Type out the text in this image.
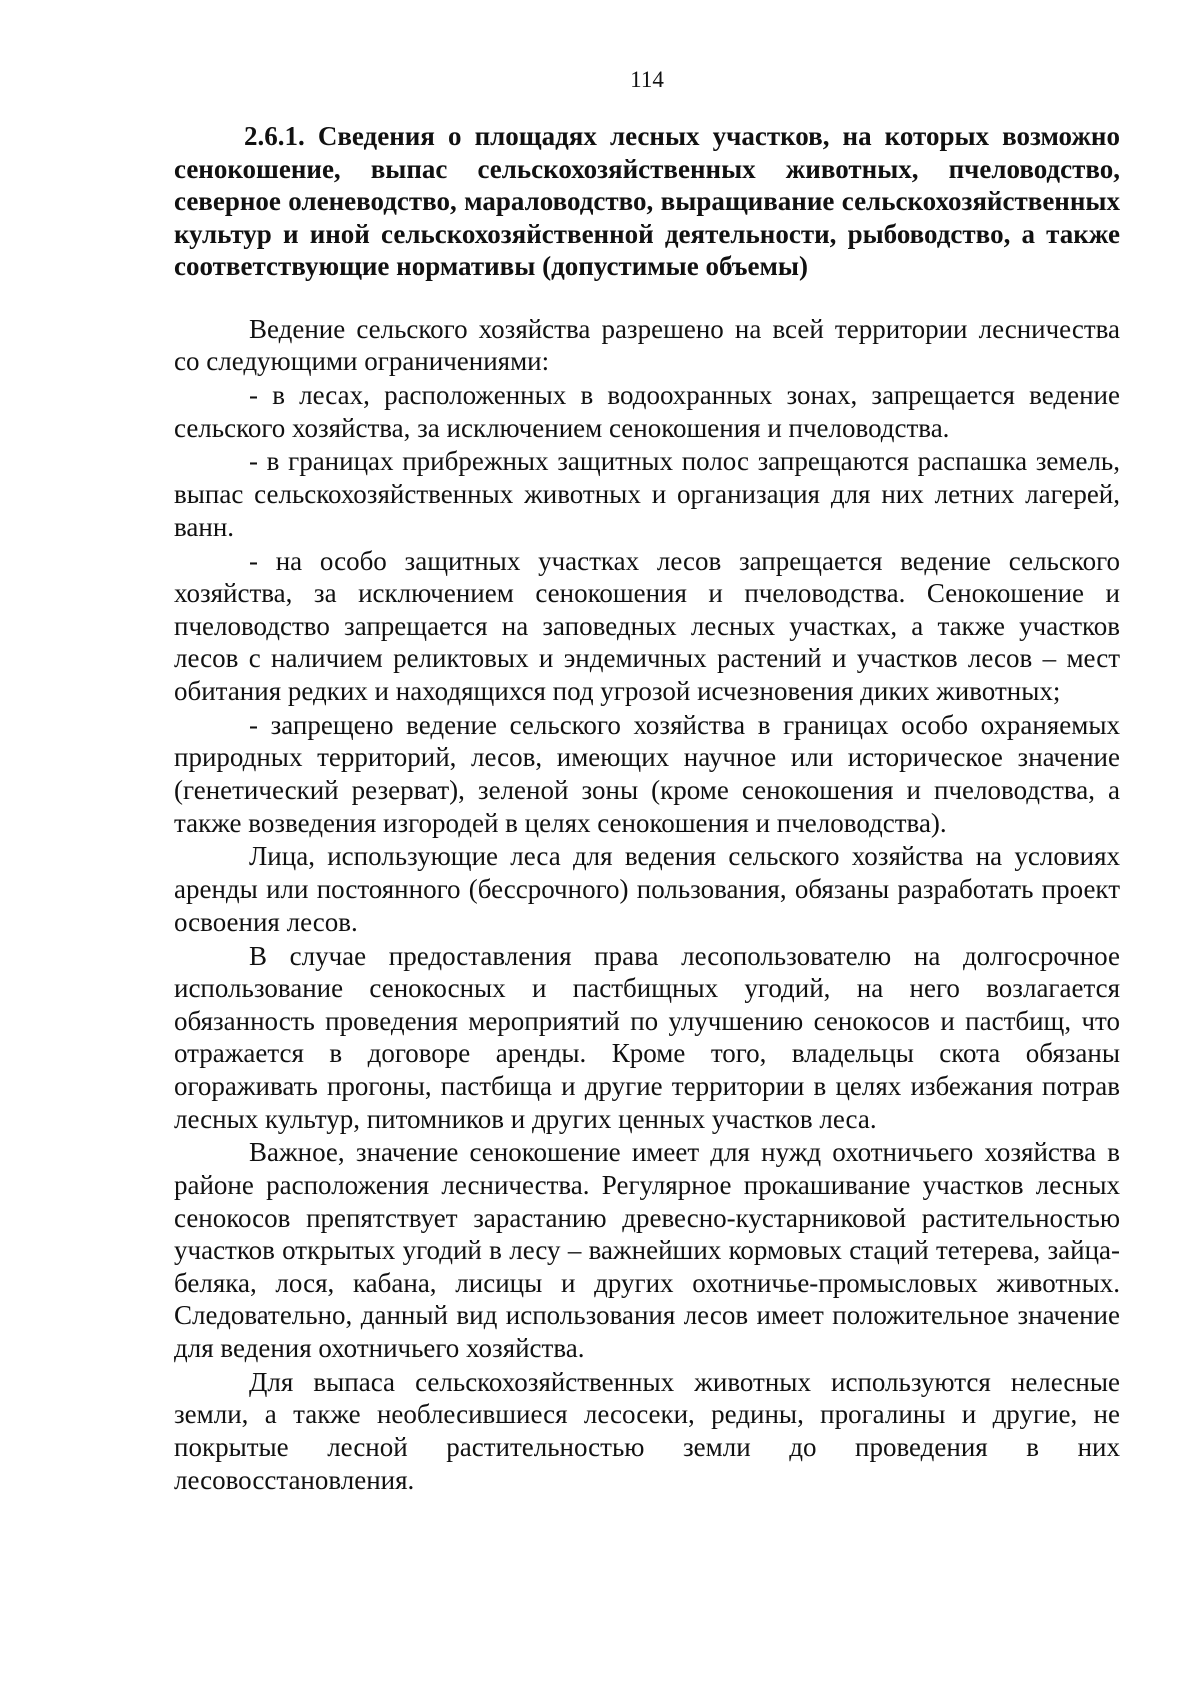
114
2.6.1. Сведения о площадях лесных участков, на которых возможно сенокошение, выпас сельскохозяйственных животных, пчеловодство, северное оленеводство, мараловодство, выращивание сельскохозяйственных культур и иной сельскохозяйственной деятельности, рыбоводство, а также соответствующие нормативы (допустимые объемы)

Ведение сельского хозяйства разрешено на всей территории лесничества со следующими ограничениями:

- в лесах, расположенных в водоохранных зонах, запрещается ведение сельского хозяйства, за исключением сенокошения и пчеловодства.

- в границах прибрежных защитных полос запрещаются распашка земель, выпас сельскохозяйственных животных и организация для них летних лагерей, ванн.

- на особо защитных участках лесов запрещается ведение сельского хозяйства, за исключением сенокошения и пчеловодства. Сенокошение и пчеловодство запрещается на заповедных лесных участках, а также участков лесов с наличием реликтовых и эндемичных растений и участков лесов – мест обитания редких и находящихся под угрозой исчезновения диких животных;

- запрещено ведение сельского хозяйства в границах особо охраняемых природных территорий, лесов, имеющих научное или историческое значение (генетический резерват), зеленой зоны (кроме сенокошения и пчеловодства, а также возведения изгородей в целях сенокошения и пчеловодства).

Лица, использующие леса для ведения сельского хозяйства на условиях аренды или постоянного (бессрочного) пользования, обязаны разработать проект освоения лесов.

В случае предоставления права лесопользователю на долгосрочное использование сенокосных и пастбищных угодий, на него возлагается обязанность проведения мероприятий по улучшению сенокосов и пастбищ, что отражается в договоре аренды. Кроме того, владельцы скота обязаны огораживать прогоны, пастбища и другие территории в целях избежания потрав лесных культур, питомников и других ценных участков леса.

Важное, значение сенокошение имеет для нужд охотничьего хозяйства в районе расположения лесничества. Регулярное прокашивание участков лесных сенокосов препятствует зарастанию древесно-кустарниковой растительностью участков открытых угодий в лесу – важнейших кормовых стаций тетерева, зайца-беляка, лося, кабана, лисицы и других охотничье-промысловых животных. Следовательно, данный вид использования лесов имеет положительное значение для ведения охотничьего хозяйства.

Для выпаса сельскохозяйственных животных используются нелесные земли, а также необлесившиеся лесосеки, редины, прогалины и другие, не покрытые лесной растительностью земли до проведения в них лесовосстановления.
